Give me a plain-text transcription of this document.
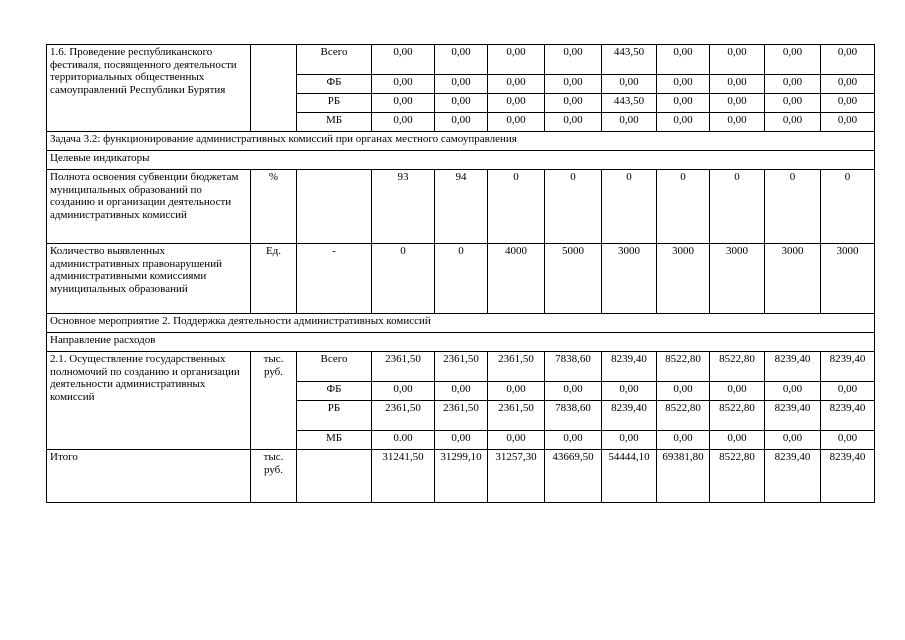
1.6. Проведение республиканского фестиваля, посвященного деятельности территориальных общественных самоуправлений Республики Бурятия		Всего	0,00	0,00	0,00	0,00	443,50	0,00	0,00	0,00	0,00
		ФБ	0,00	0,00	0,00	0,00	0,00	0,00	0,00	0,00	0,00
		РБ	0,00	0,00	0,00	0,00	443,50	0,00	0,00	0,00	0,00
		МБ	0,00	0,00	0,00	0,00	0,00	0,00	0,00	0,00	0,00
Задача 3.2: функционирование административных комиссий при органах местного самоуправления											
Целевые индикаторы											
Полнота освоения субвенции бюджетам муниципальных образований по созданию и организации деятельности административных комиссий	%		93	94	0	0	0	0	0	0	0
Количество выявленных административных правонарушений административными комиссиями муниципальных образований	Ед.	-	0	0	4000	5000	3000	3000	3000	3000	3000
Основное мероприятие 2. Поддержка деятельности административных комиссий											
Направление расходов											
2.1. Осуществление государственных полномочий по созданию и организации деятельности административных комиссий	тыс. руб.	Всего	2361,50	2361,50	2361,50	7838,60	8239,40	8522,80	8522,80	8239,40	8239,40
		ФБ	0,00	0,00	0,00	0,00	0,00	0,00	0,00	0,00	0,00
		РБ	2361,50	2361,50	2361,50	7838,60	8239,40	8522,80	8522,80	8239,40	8239,40
		МБ	0.00	0,00	0,00	0,00	0,00	0,00	0,00	0,00	0,00
Итого	тыс. руб.		31241,50	31299,10	31257,30	43669,50	54444,10	69381,80	8522,80	8239,40	8239,40
